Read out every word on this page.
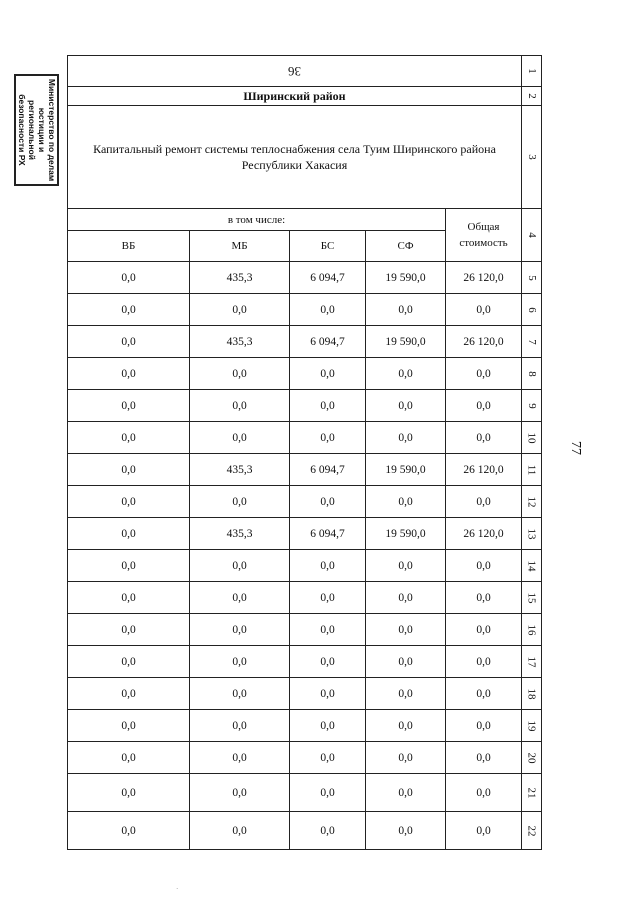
Министерство по делам
юстиции и региональной
безопасности РХ
77
36					1
Ширинский район					2
Капитальный ремонт системы теплоснабжения села Туим Ширинского района Республики Хакасия					3
в том числе:				Общая стоимость	4
ВБ	МБ	БС	СФ		
0,0	435,3	6 094,7	19 590,0	26 120,0	5
0,0	0,0	0,0	0,0	0,0	6
0,0	435,3	6 094,7	19 590,0	26 120,0	7
0,0	0,0	0,0	0,0	0,0	8
0,0	0,0	0,0	0,0	0,0	9
0,0	0,0	0,0	0,0	0,0	10
0,0	435,3	6 094,7	19 590,0	26 120,0	11
0,0	0,0	0,0	0,0	0,0	12
0,0	435,3	6 094,7	19 590,0	26 120,0	13
0,0	0,0	0,0	0,0	0,0	14
0,0	0,0	0,0	0,0	0,0	15
0,0	0,0	0,0	0,0	0,0	16
0,0	0,0	0,0	0,0	0,0	17
0,0	0,0	0,0	0,0	0,0	18
0,0	0,0	0,0	0,0	0,0	19
0,0	0,0	0,0	0,0	0,0	20
0,0	0,0	0,0	0,0	0,0	21
0,0	0,0	0,0	0,0	0,0	22
·
